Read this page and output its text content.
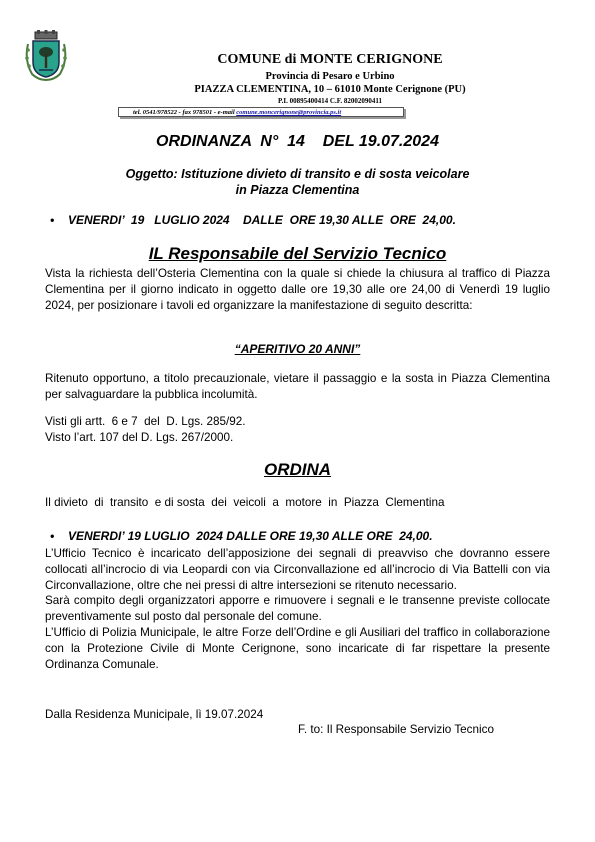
COMUNE di MONTE CERIGNONE
Provincia di Pesaro e Urbino
PIAZZA CLEMENTINA, 10 – 61010 Monte Cerignone (PU)
P.I. 00895400414 C.F. 82002090411
tel. 0541/978522 - fax 978501 - e-mail comune.moncerignone@provincia.ps.it
ORDINANZA  N°  14 DEL 19.07.2024
Oggetto: Istituzione divieto di transito e di sosta veicolare
in Piazza Clementina
• VENERDI’  19   LUGLIO 2024    DALLE  ORE 19,30 ALLE  ORE  24,00.
IL Responsabile del Servizio Tecnico
Vista la richiesta dell’Osteria Clementina con la quale si chiede la chiusura al traffico di Piazza Clementina per il giorno indicato in oggetto dalle ore 19,30 alle ore 24,00 di Venerdì 19 luglio 2024, per posizionare i tavoli ed organizzare la manifestazione di seguito descritta:
“APERITIVO 20 ANNI”
Ritenuto opportuno, a titolo precauzionale, vietare il passaggio e la sosta in Piazza Clementina per salvaguardare la pubblica incolumità.
Visti gli artt.  6 e 7  del  D. Lgs. 285/92.
Visto l’art. 107 del D. Lgs. 267/2000.
ORDINA
Il divieto  di  transito  e di sosta  dei  veicoli  a  motore  in  Piazza  Clementina
• VENERDI’ 19 LUGLIO  2024 DALLE ORE 19,30 ALLE ORE  24,00.
L’Ufficio Tecnico è incaricato dell’apposizione dei segnali di preavviso che dovranno essere collocati all’incrocio di via Leopardi con via Circonvallazione ed all’incrocio di Via Battelli con via Circonvallazione, oltre che nei pressi di altre intersezioni se ritenuto necessario.
Sarà compito degli organizzatori apporre e rimuovere i segnali e le transenne previste collocate preventivamente sul posto dal personale del comune.
L’Ufficio di Polizia Municipale, le altre Forze dell’Ordine e gli Ausiliari del traffico in collaborazione con la Protezione Civile di Monte Cerignone, sono incaricate di far rispettare la presente Ordinanza Comunale.
Dalla Residenza Municipale, lì 19.07.2024
F. to: Il Responsabile Servizio Tecnico
